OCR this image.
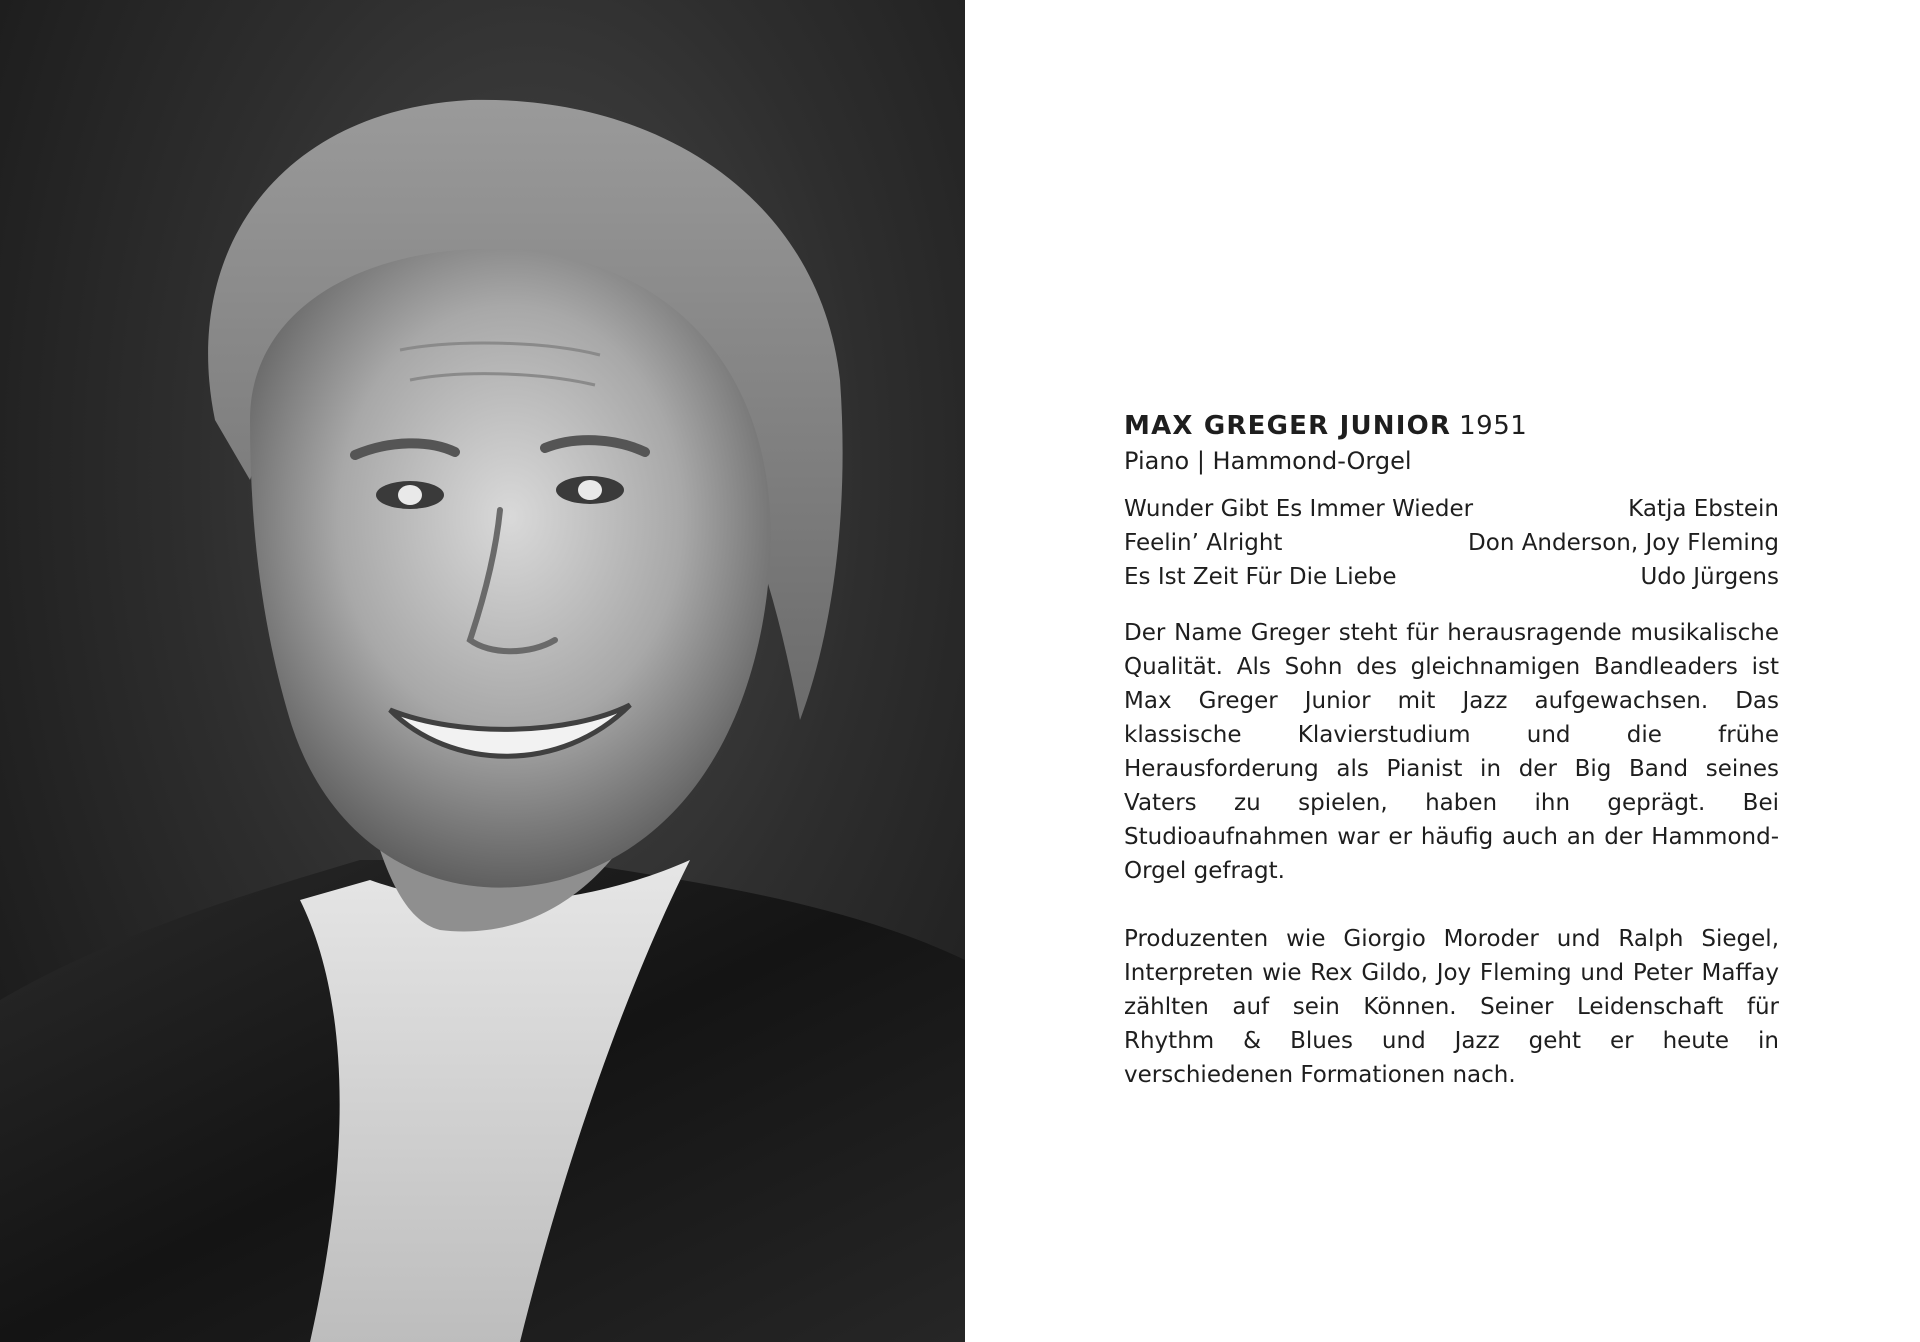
MAX GREGER JUNIOR 1951

Piano | Hammond-Orgel

Wunder Gibt Es Immer Wieder	Katja Ebstein
Feelin’ Alright	Don Anderson, Joy Fleming
Es Ist Zeit Für Die Liebe	Udo Jürgens

Der Name Greger steht für herausragende musikalische Qualität. Als Sohn des gleichnamigen Bandleaders ist Max Greger Junior mit Jazz aufgewachsen. Das klassische Klavierstudium und die frühe Herausforderung als Pianist in der Big Band seines Vaters zu spielen, haben ihn geprägt. Bei Studioaufnahmen war er häufig auch an der Hammond-Orgel gefragt.

Produzenten wie Giorgio Moroder und Ralph Siegel, Interpreten wie Rex Gildo, Joy Fleming und Peter Maffay zählten auf sein Können. Seiner Leidenschaft für Rhythm & Blues und Jazz geht er heute in verschiedenen Formationen nach.
